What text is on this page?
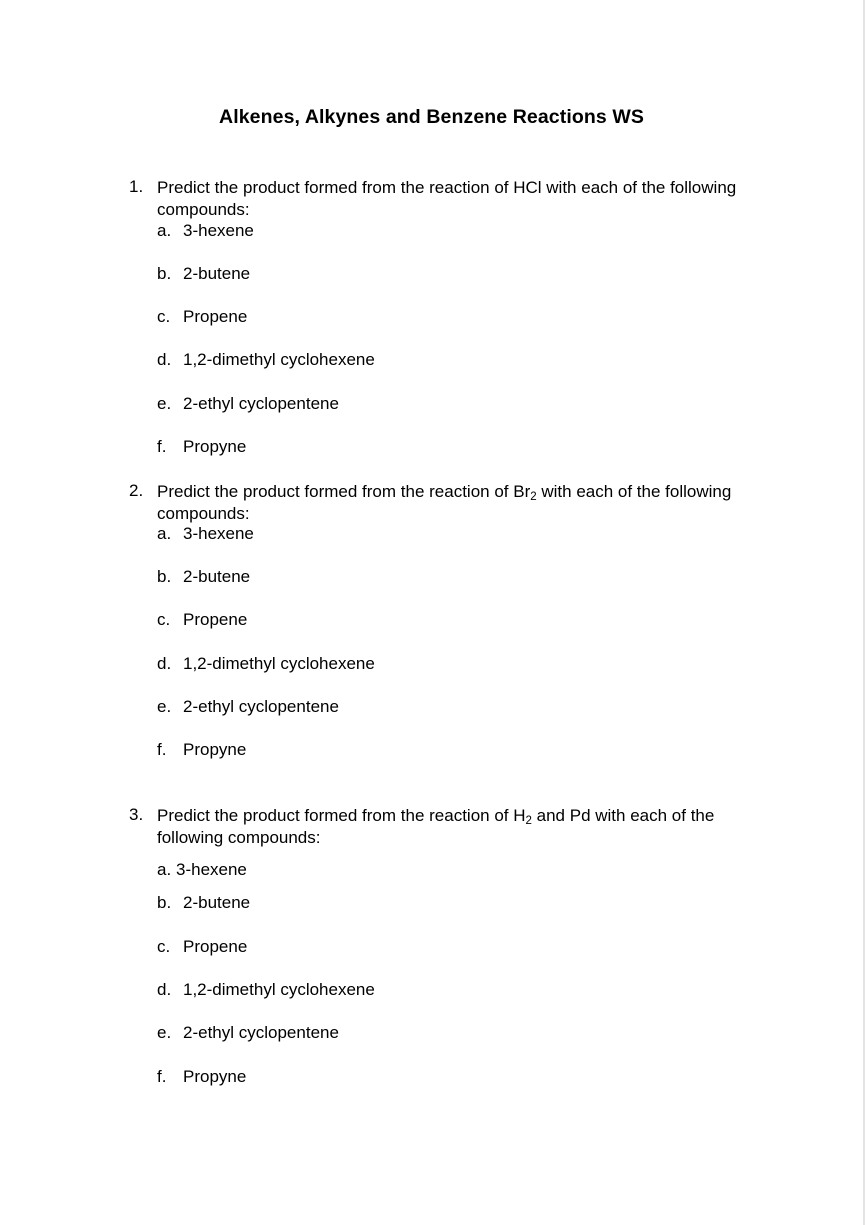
Alkenes, Alkynes and Benzene Reactions WS
1. Predict the product formed from the reaction of HCl with each of the following compounds:
a. 3-hexene
b. 2-butene
c. Propene
d. 1,2-dimethyl cyclohexene
e. 2-ethyl cyclopentene
f. Propyne
2. Predict the product formed from the reaction of $Br_2$ with each of the following compounds:
a. 3-hexene
b. 2-butene
c. Propene
d. 1,2-dimethyl cyclohexene
e. 2-ethyl cyclopentene
f. Propyne
3. Predict the product formed from the reaction of $H_2$ and Pd with each of the following compounds:
a. 3-hexene
b. 2-butene
c. Propene
d. 1,2-dimethyl cyclohexene
e. 2-ethyl cyclopentene
f. Propyne
